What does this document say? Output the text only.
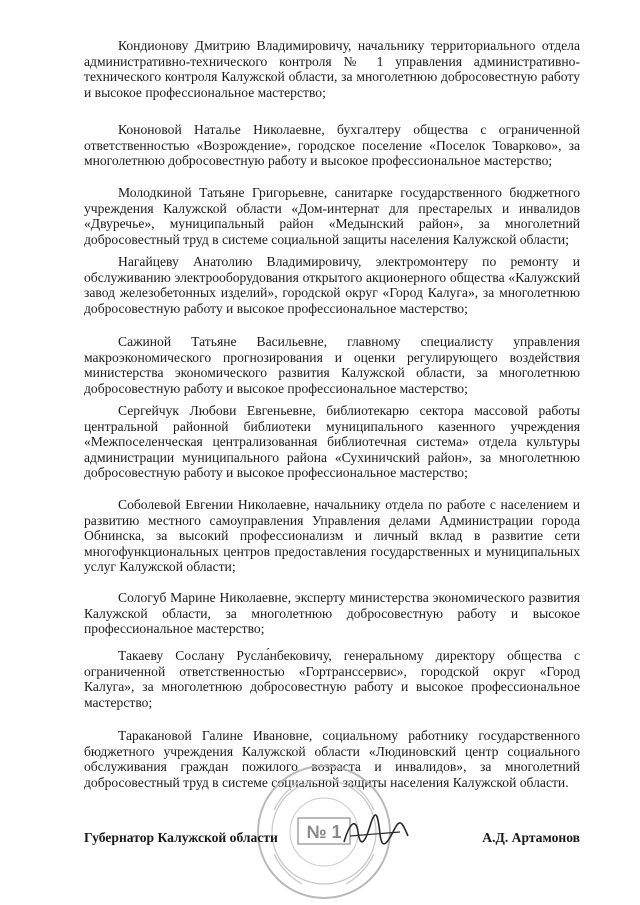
Кондионову Дмитрию Владимировичу, начальнику территориального отдела административно-технического контроля № 1 управления административно-технического контроля Калужской области, за многолетнюю добросовестную работу и высокое профессиональное мастерство;

Кононовой Наталье Николаевне, бухгалтеру общества с ограниченной ответственностью «Возрождение», городское поселение «Поселок Товарково», за многолетнюю добросовестную работу и высокое профессиональное мастерство;

Молодкиной Татьяне Григорьевне, санитарке государственного бюджетного учреждения Калужской области «Дом-интернат для престарелых и инвалидов «Двуречье», муниципальный район «Медынский район», за многолетний добросовестный труд в системе социальной защиты населения Калужской области;

Нагайцеву Анатолию Владимировичу, электромонтеру по ремонту и обслуживанию электрооборудования открытого акционерного общества «Калужский завод железобетонных изделий», городской округ «Город Калуга», за многолетнюю добросовестную работу и высокое профессиональное мастерство;

Сажиной Татьяне Васильевне, главному специалисту управления макроэкономического прогнозирования и оценки регулирующего воздействия министерства экономического развития Калужской области, за многолетнюю добросовестную работу и высокое профессиональное мастерство;

Сергейчук Любови Евгеньевне, библиотекарю сектора массовой работы центральной районной библиотеки муниципального казенного учреждения «Межпоселенческая централизованная библиотечная система» отдела культуры администрации муниципального района «Сухиничский район», за многолетнюю добросовестную работу и высокое профессиональное мастерство;

Соболевой Евгении Николаевне, начальнику отдела по работе с населением и развитию местного самоуправления Управления делами Администрации города Обнинска, за высокий профессионализм и личный вклад в развитие сети многофункциональных центров предоставления государственных и муниципальных услуг Калужской области;

Сологуб Марине Николаевне, эксперту министерства экономического развития Калужской области, за многолетнюю добросовестную работу и высокое профессиональное мастерство;

Такаеву Сослану Русла́нбековичу, генеральному директору общества с ограниченной ответственностью «Гортранссервис», городской округ «Город Калуга», за многолетнюю добросовестную работу и высокое профессиональное мастерство;

Таракановой Галине Ивановне, социальному работнику государственного бюджетного учреждения Калужской области «Людиновский центр социального обслуживания граждан пожилого возраста и инвалидов», за многолетний добросовестный труд в системе социальной защиты населения Калужской области.

№ 1
Губернатор Калужской области	А.Д. Артамонов
